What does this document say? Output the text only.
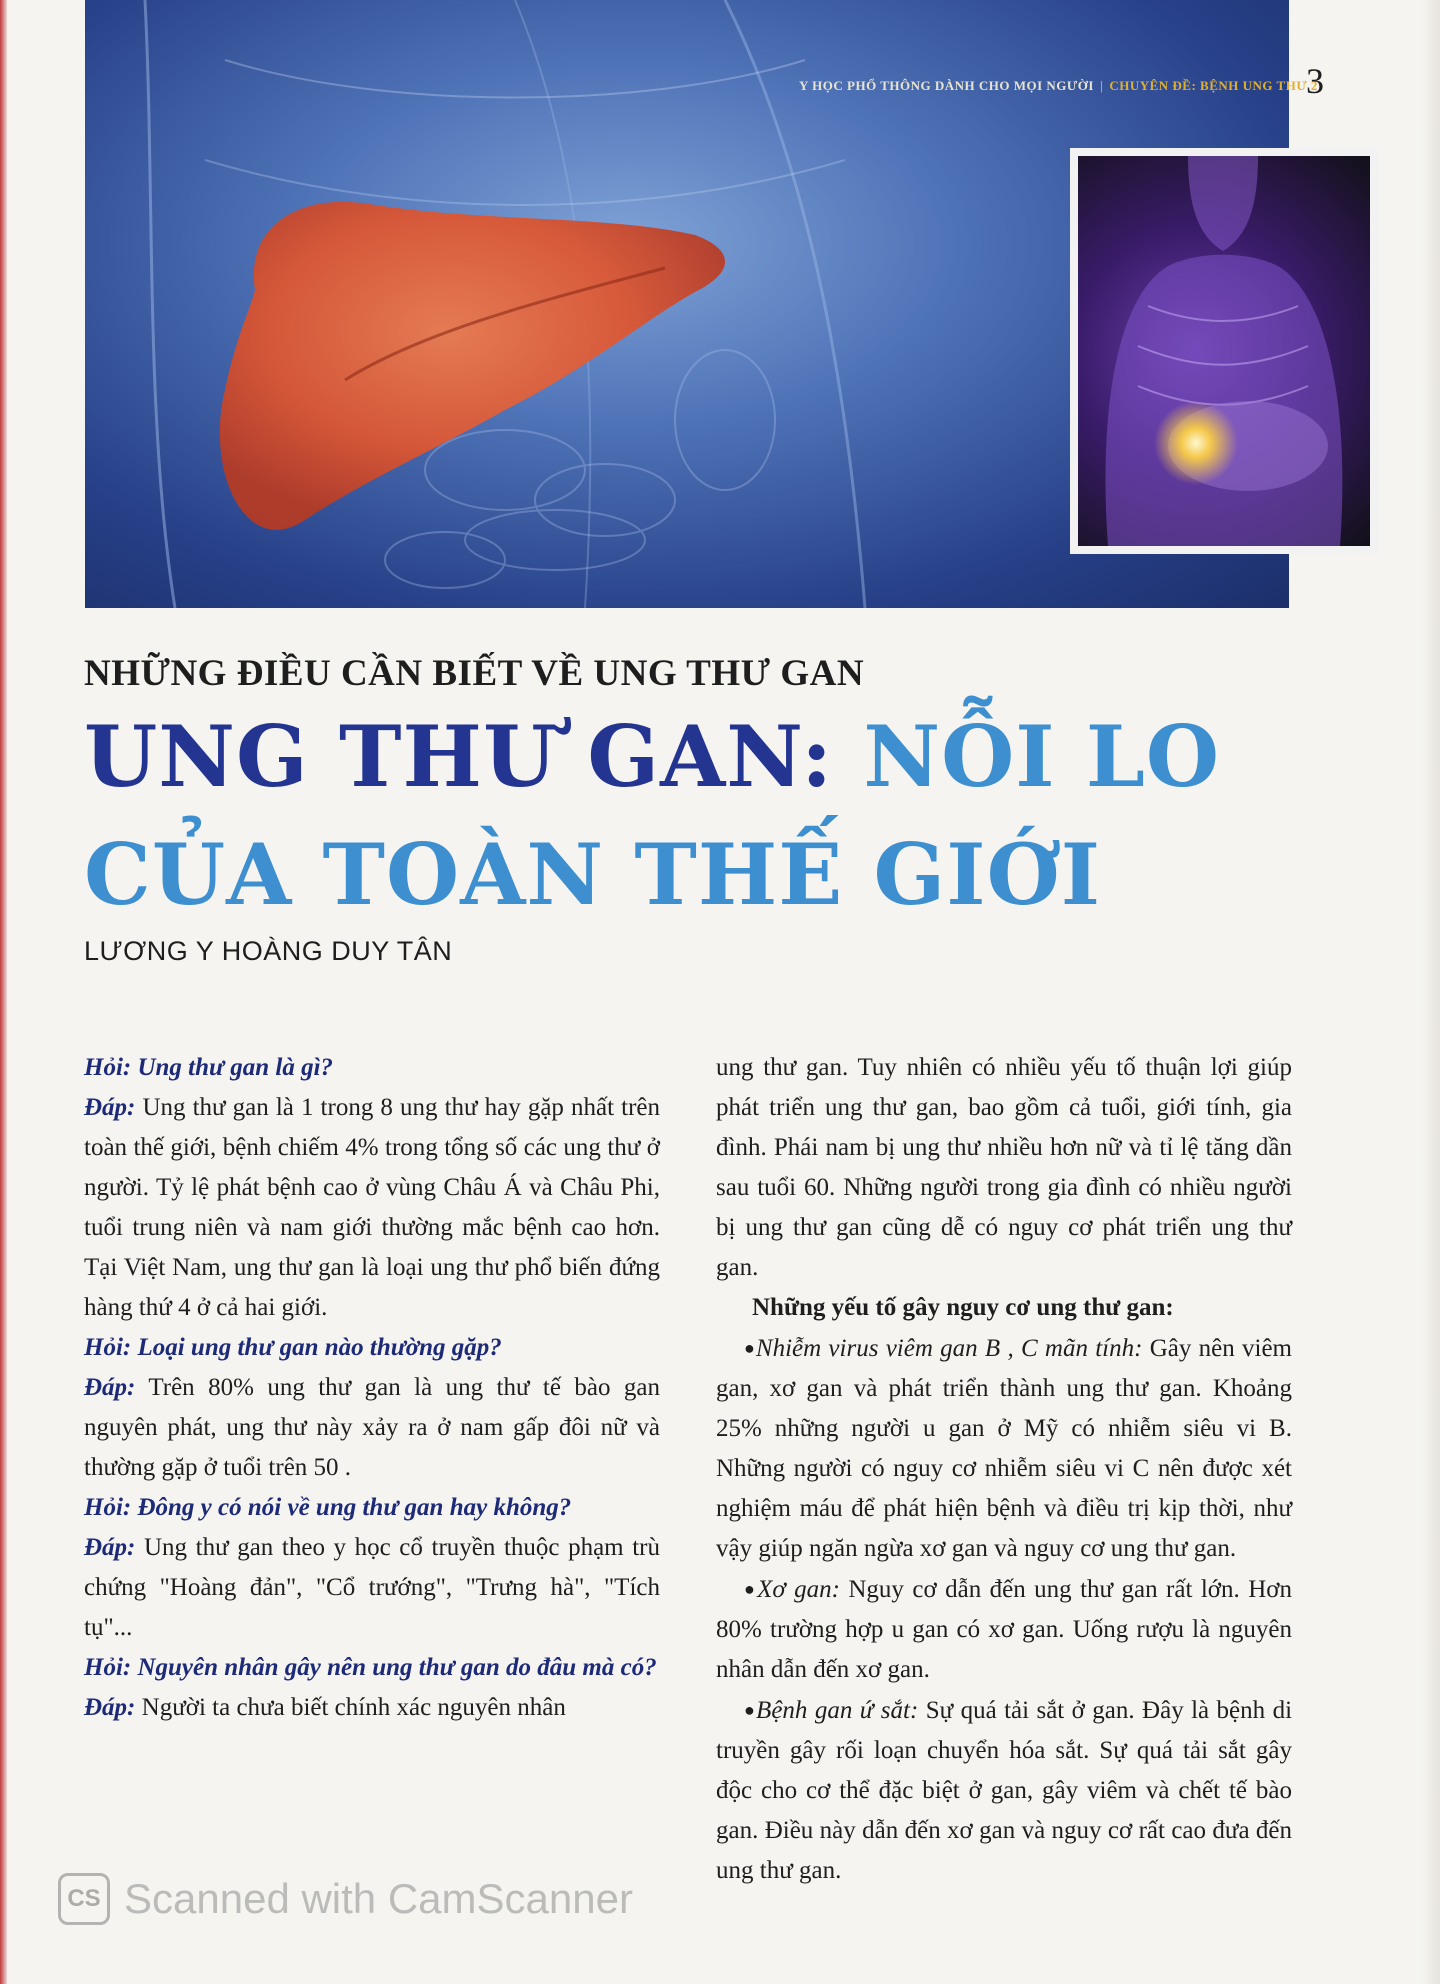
Y HỌC PHỔ THÔNG DÀNH CHO MỌI NGƯỜI | CHUYÊN ĐỀ: BỆNH UNG THƯ 2
3
NHỮNG ĐIỀU CẦN BIẾT VỀ UNG THƯ GAN
UNG THƯ GAN: NỖI LO
CỦA TOÀN THẾ GIỚI
LƯƠNG Y HOÀNG DUY TÂN

Hỏi: Ung thư gan là gì?

Đáp: Ung thư gan là 1 trong 8 ung thư hay gặp nhất trên toàn thế giới, bệnh chiếm 4% trong tổng số các ung thư ở người. Tỷ lệ phát bệnh cao ở vùng Châu Á và Châu Phi, tuổi trung niên và nam giới thường mắc bệnh cao hơn. Tại Việt Nam, ung thư gan là loại ung thư phổ biến đứng hàng thứ 4 ở cả hai giới.

Hỏi: Loại ung thư gan nào thường gặp?

Đáp: Trên 80% ung thư gan là ung thư tế bào gan nguyên phát, ung thư này xảy ra ở nam gấp đôi nữ và thường gặp ở tuổi trên 50 .

Hỏi: Đông y có nói về ung thư gan hay không?

Đáp: Ung thư gan theo y học cổ truyền thuộc phạm trù chứng "Hoàng đản", "Cổ trướng", "Trưng hà", "Tích tụ"...

Hỏi: Nguyên nhân gây nên ung thư gan do đâu mà có?

Đáp: Người ta chưa biết chính xác nguyên nhân

ung thư gan. Tuy nhiên có nhiều yếu tố thuận lợi giúp phát triển ung thư gan, bao gồm cả tuổi, giới tính, gia đình. Phái nam bị ung thư nhiều hơn nữ và tỉ lệ tăng dần sau tuổi 60. Những người trong gia đình có nhiều người bị ung thư gan cũng dễ có nguy cơ phát triển ung thư gan.

Những yếu tố gây nguy cơ ung thư gan:

●Nhiễm virus viêm gan B , C mãn tính: Gây nên viêm gan, xơ gan và phát triển thành ung thư gan. Khoảng 25% những người u gan ở Mỹ có nhiễm siêu vi B. Những người có nguy cơ nhiễm siêu vi C nên được xét nghiệm máu để phát hiện bệnh và điều trị kịp thời, như vậy giúp ngăn ngừa xơ gan và nguy cơ ung thư gan.

●Xơ gan: Nguy cơ dẫn đến ung thư gan rất lớn. Hơn 80% trường hợp u gan có xơ gan. Uống rượu là nguyên nhân dẫn đến xơ gan.

●Bệnh gan ứ sắt: Sự quá tải sắt ở gan. Đây là bệnh di truyền gây rối loạn chuyển hóa sắt. Sự quá tải sắt gây độc cho cơ thể đặc biệt ở gan, gây viêm và chết tế bào gan. Điều này dẫn đến xơ gan và nguy cơ rất cao đưa đến ung thư gan.

CS Scanned with CamScanner
